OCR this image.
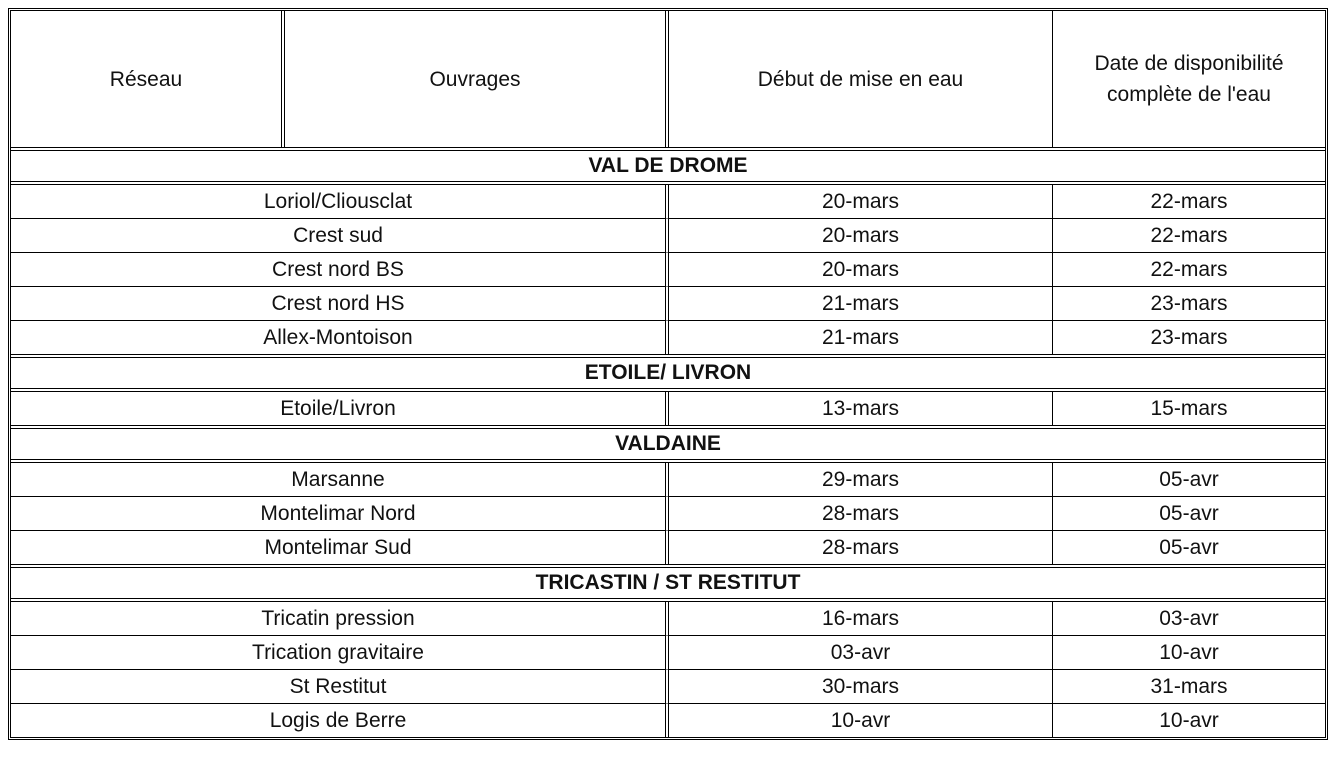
Réseau	Ouvrages	Début de mise en eau	Date de disponibilité
complète de l'eau
VAL DE DROME			
Loriol/Cliousclat		20-mars	22-mars
Crest sud		20-mars	22-mars
Crest nord BS		20-mars	22-mars
Crest nord HS		21-mars	23-mars
Allex-Montoison		21-mars	23-mars
ETOILE/ LIVRON			
Etoile/Livron		13-mars	15-mars
VALDAINE			
Marsanne		29-mars	05-avr
Montelimar Nord		28-mars	05-avr
Montelimar Sud		28-mars	05-avr
TRICASTIN / ST RESTITUT			
Tricatin pression		16-mars	03-avr
Trication gravitaire		03-avr	10-avr
St Restitut		30-mars	31-mars
Logis de Berre		10-avr	10-avr
